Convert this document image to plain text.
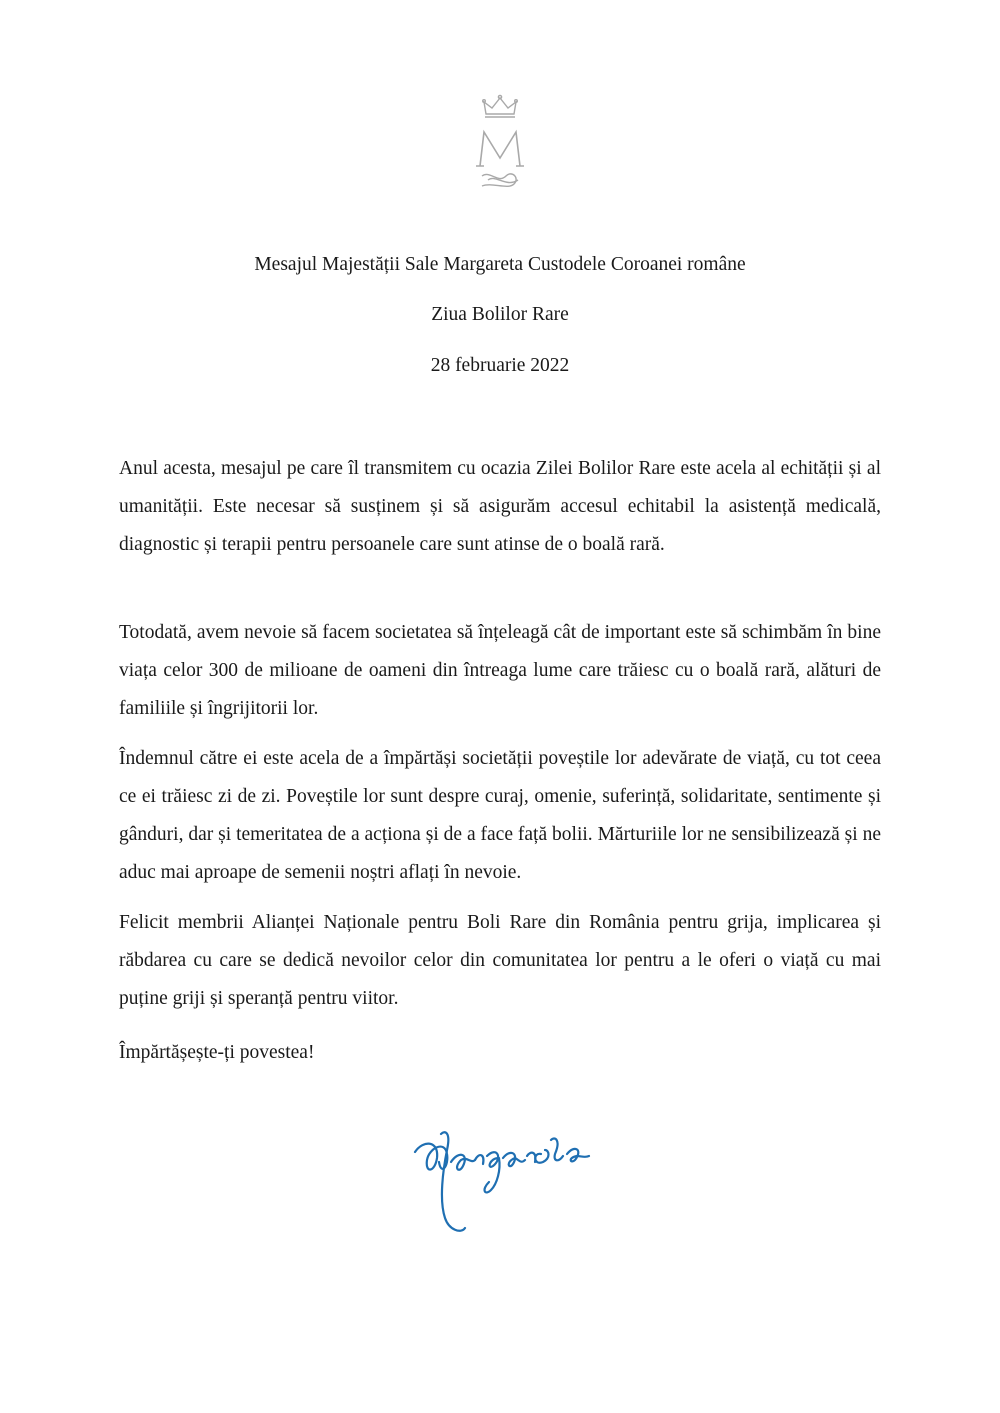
Mesajul Majestății Sale Margareta Custodele Coroanei române
Ziua Bolilor Rare
28 februarie 2022

Anul acesta, mesajul pe care îl transmitem cu ocazia Zilei Bolilor Rare este acela al echității și al umanității. Este necesar să susținem și să asigurăm accesul echitabil la asistență medicală, diagnostic și terapii pentru persoanele care sunt atinse de o boală rară.

Totodată, avem nevoie să facem societatea să înțeleagă cât de important este să schimbăm în bine viața celor 300 de milioane de oameni din întreaga lume care trăiesc cu o boală rară, alături de familiile și îngrijitorii lor.

Îndemnul către ei este acela de a împărtăși societății poveștile lor adevărate de viață, cu tot ceea ce ei trăiesc zi de zi. Poveștile lor sunt despre curaj, omenie, suferință, solidaritate, sentimente și gânduri, dar și temeritatea de a acționa și de a face față bolii. Mărturiile lor ne sensibilizează și ne aduc mai aproape de semenii noștri aflați în nevoie.

Felicit membrii Alianței Naționale pentru Boli Rare din România pentru grija, implicarea și răbdarea cu care se dedică nevoilor celor din comunitatea lor pentru a le oferi o viață cu mai puține griji și speranță pentru viitor.

Împărtășește-ți povestea!
